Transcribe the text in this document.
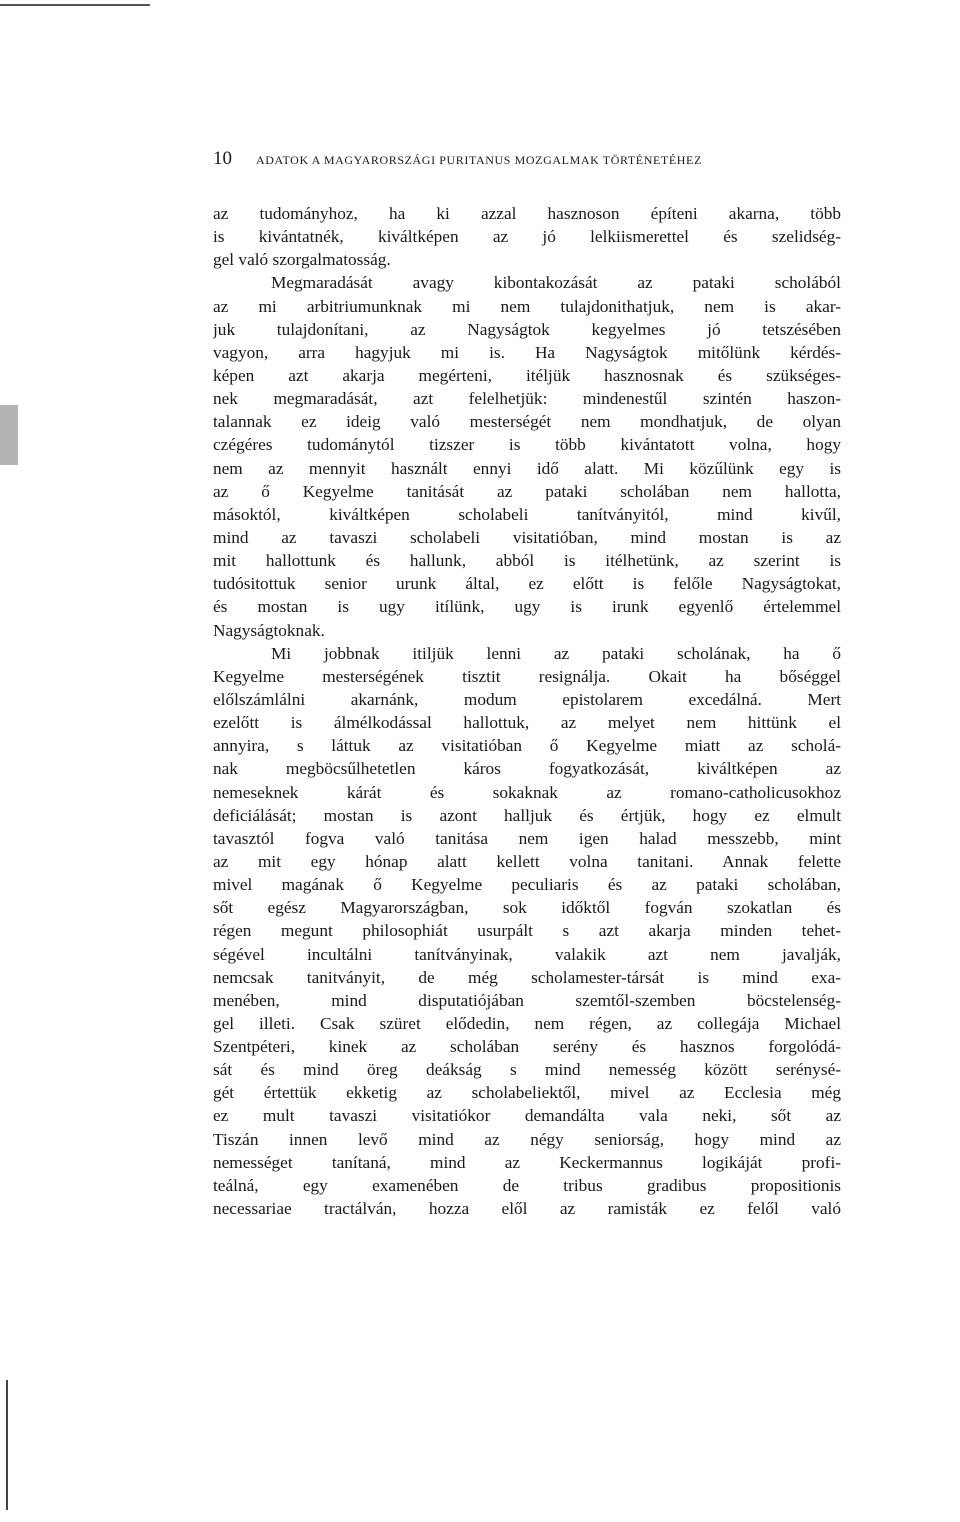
10 ADATOK A MAGYARORSZÁGI PURITANUS MOZGALMAK TÖRTÉNETÉHEZ
az tudományhoz, ha ki azzal hasznoson építeni akarna, több
is kivántatnék, kiváltképen az jó lelkiismerettel és szelidség-
gel való szorgalmatosság.
Megmaradását avagy kibontakozását az pataki scholából
az mi arbitriumunknak mi nem tulajdonithatjuk, nem is akar-
juk tulajdonítani, az Nagyságtok kegyelmes jó tetszésében
vagyon, arra hagyjuk mi is. Ha Nagyságtok mitőlünk kérdés-
képen azt akarja megérteni, itéljük hasznosnak és szükséges-
nek megmaradását, azt felelhetjük: mindenestűl szintén haszon-
talannak ez ideig való mesterségét nem mondhatjuk, de olyan
czégéres tudománytól tizszer is több kivántatott volna, hogy
nem az mennyit használt ennyi idő alatt. Mi közűlünk egy is
az ő Kegyelme tanitását az pataki scholában nem hallotta,
másoktól, kiváltképen scholabeli tanítványitól, mind kivűl,
mind az tavaszi scholabeli visitatióban, mind mostan is az
mit hallottunk és hallunk, abból is itélhetünk, az szerint is
tudósitottuk senior urunk által, ez előtt is felőle Nagyságtokat,
és mostan is ugy itílünk, ugy is irunk egyenlő értelemmel
Nagyságtoknak.
Mi jobbnak itiljük lenni az pataki scholának, ha ő
Kegyelme mesterségének tisztit resignálja. Okait ha bőséggel
előlszámlálni akarnánk, modum epistolarem excedálná. Mert
ezelőtt is álmélkodással hallottuk, az melyet nem hittünk el
annyira, s láttuk az visitatióban ő Kegyelme miatt az scholá-
nak megböcsűlhetetlen káros fogyatkozását, kiváltképen az
nemeseknek kárát és sokaknak az romano-catholicusokhoz
deficiálását; mostan is azont halljuk és értjük, hogy ez elmult
tavasztól fogva való tanitása nem igen halad messzebb, mint
az mit egy hónap alatt kellett volna tanitani. Annak felette
mivel magának ő Kegyelme peculiaris és az pataki scholában,
sőt egész Magyarországban, sok időktől fogván szokatlan és
régen megunt philosophiát usurpált s azt akarja minden tehet-
ségével incultálni tanítványinak, valakik azt nem javalják,
nemcsak tanitványit, de még scholamester-társát is mind exa-
menében, mind disputatiójában szemtől-szemben böcstelenség-
gel illeti. Csak szüret elődedin, nem régen, az collegája Michael
Szentpéteri, kinek az scholában serény és hasznos forgolódá-
sát és mind öreg deákság s mind nemesség között serénysé-
gét értettük ekketig az scholabeliektől, mivel az Ecclesia még
ez mult tavaszi visitatiókor demandálta vala neki, sőt az
Tiszán innen levő mind az négy seniorság, hogy mind az
nemességet tanítaná, mind az Keckermannus logikáját profi-
teálná, egy examenében de tribus gradibus propositionis
necessariae tractálván, hozza elől az ramisták ez felől való
